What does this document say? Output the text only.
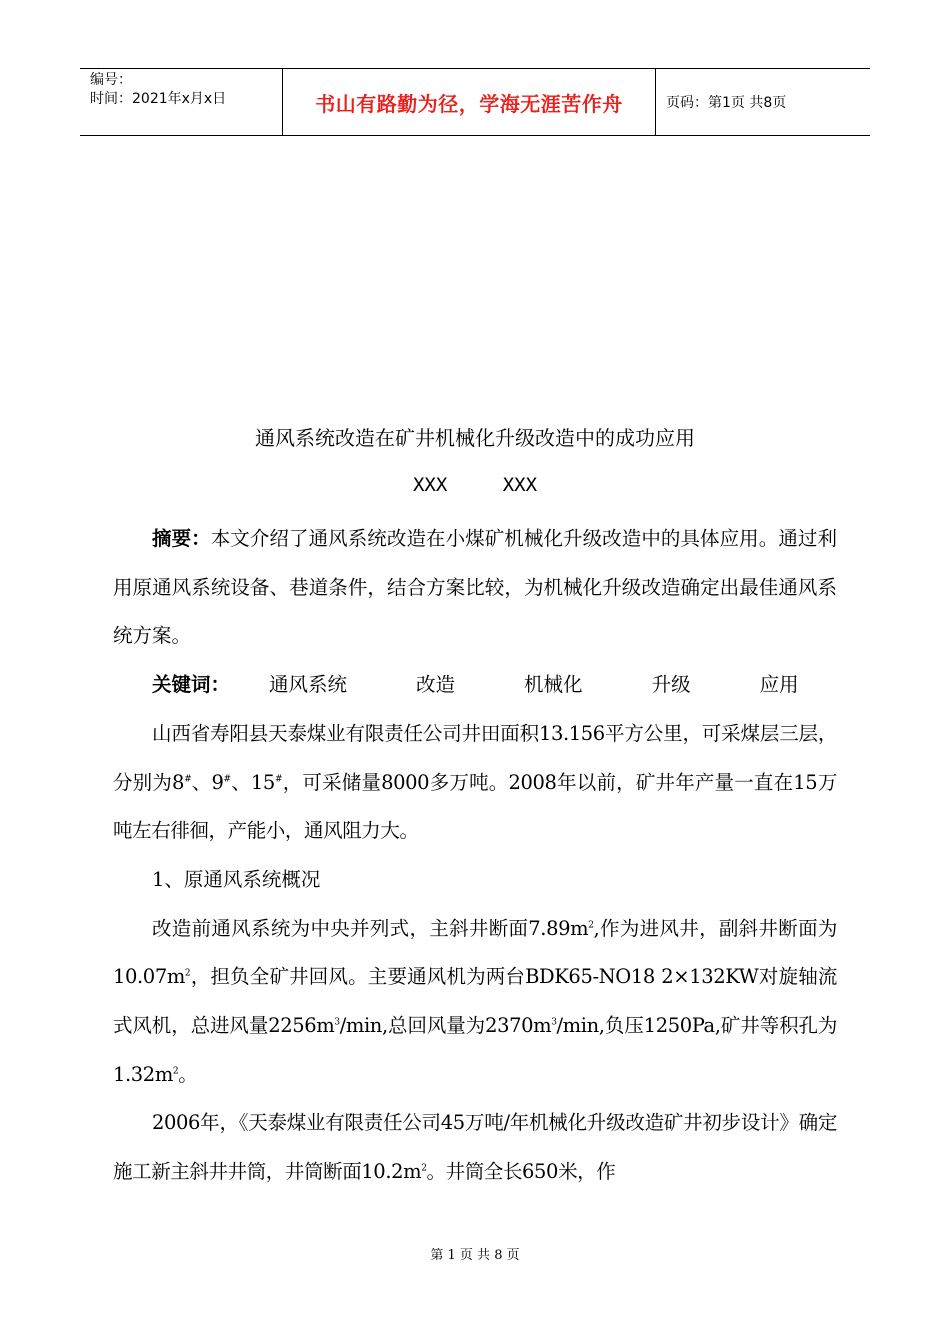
编号：
时间：2021年x月x日	书山有路勤为径，学海无涯苦作舟	页码：第1页 共8页
通风系统改造在矿井机械化升级改造中的成功应用
XXX	XXX

摘要：本文介绍了通风系统改造在小煤矿机械化升级改造中的具体应用。通过利用原通风系统设备、巷道条件，结合方案比较，为机械化升级改造确定出最佳通风系统方案。

关键词： 通风系统	改造	机械化	升级	应用

山西省寿阳县天泰煤业有限责任公司井田面积13.156平方公里，可采煤层三层，分别为8#、9#、15#，可采储量8000多万吨。2008年以前，矿井年产量一直在15万吨左右徘徊，产能小，通风阻力大。

1、原通风系统概况

改造前通风系统为中央并列式，主斜井断面$7.89m^2$,作为进风井，副斜井断面为$10.07m^2$，担负全矿井回风。主要通风机为两台BDK65-NO18 2×132KW对旋轴流式风机，总进风量$2256m^3/\min$,总回风量为$2370m^3/\min$,负压1250Pa,矿井等积孔为$1.32m^2$。

2006年，《天泰煤业有限责任公司45万吨/年机械化升级改造矿井初步设计》确定施工新主斜井井筒，井筒断面$10.2m^2$。井筒全长650米，作

第 1 页 共 8 页
